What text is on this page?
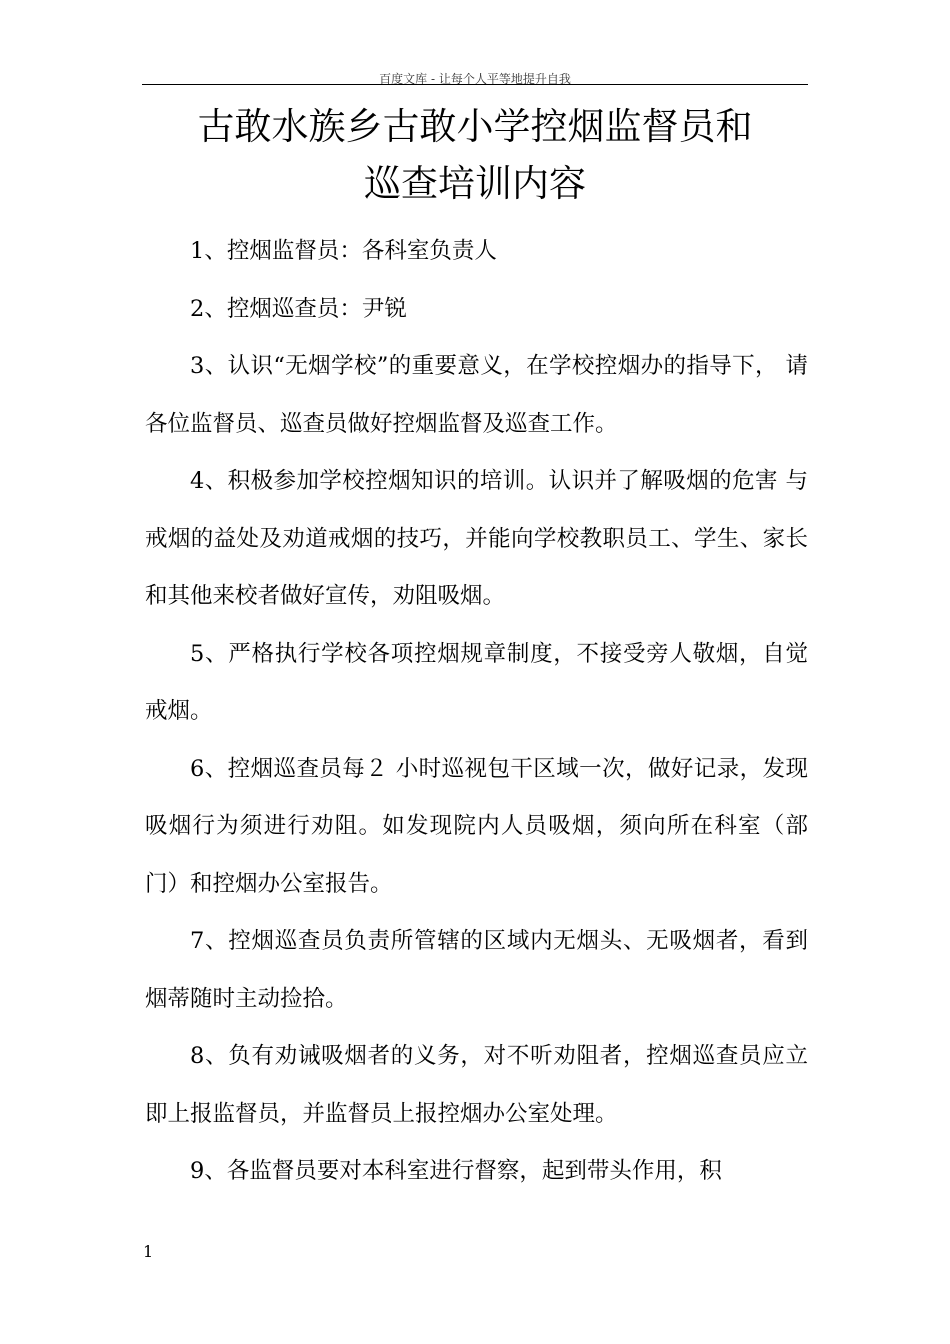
百度文库 - 让每个人平等地提升自我
古敢水族乡古敢小学控烟监督员和
巡查培训内容

1、控烟监督员：各科室负责人

2、控烟巡查员：尹锐

3、认识“无烟学校”的重要意义，在学校控烟办的指导下， 请各位监督员、巡查员做好控烟监督及巡查工作。

4、积极参加学校控烟知识的培训。认识并了解吸烟的危害 与戒烟的益处及劝道戒烟的技巧，并能向学校教职员工、学生、家长和其他来校者做好宣传，劝阻吸烟。

5、严格执行学校各项控烟规章制度，不接受旁人敬烟，自觉戒烟。

6、控烟巡查员每２ 小时巡视包干区域一次，做好记录，发现吸烟行为须进行劝阻。如发现院内人员吸烟，须向所在科室（部门）和控烟办公室报告。

7、控烟巡查员负责所管辖的区域内无烟头、无吸烟者，看到烟蒂随时主动捡拾。

8、负有劝诫吸烟者的义务，对不听劝阻者，控烟巡查员应立即上报监督员，并监督员上报控烟办公室处理。

9、各监督员要对本科室进行督察，起到带头作用，积

1
